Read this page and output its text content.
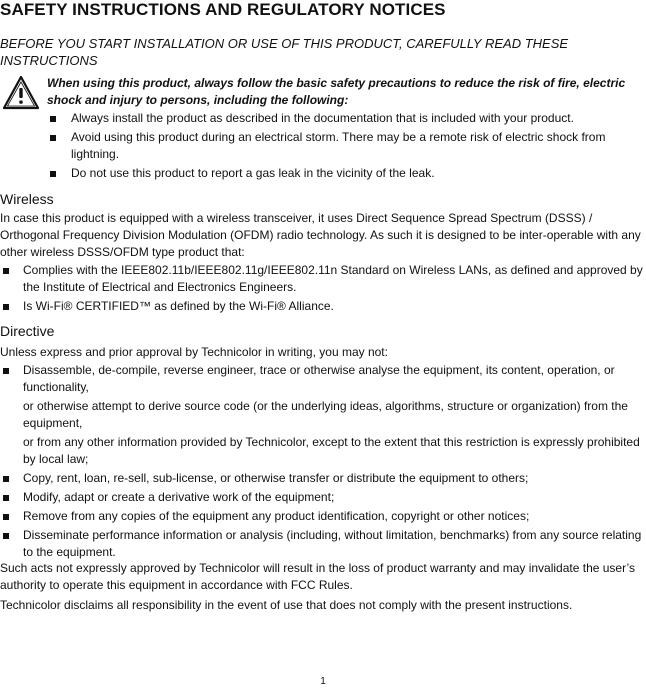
SAFETY INSTRUCTIONS AND REGULATORY NOTICES

BEFORE YOU START INSTALLATION OR USE OF THIS PRODUCT, CAREFULLY READ THESE INSTRUCTIONS

When using this product, always follow the basic safety precautions to reduce the risk of fire, electric shock and injury to persons, including the following:

Always install the product as described in the documentation that is included with your product.
Avoid using this product during an electrical storm. There may be a remote risk of electric shock from lightning.
Do not use this product to report a gas leak in the vicinity of the leak.
Wireless

In case this product is equipped with a wireless transceiver, it uses Direct Sequence Spread Spectrum (DSSS) / Orthogonal Frequency Division Modulation (OFDM) radio technology. As such it is designed to be inter-operable with any other wireless DSSS/OFDM type product that:

Complies with the IEEE802.11b/IEEE802.11g/IEEE802.11n Standard on Wireless LANs, as defined and approved by the Institute of Electrical and Electronics Engineers.
Is Wi-Fi® CERTIFIED™ as defined by the Wi-Fi® Alliance.
Directive

Unless express and prior approval by Technicolor in writing, you may not:

Disassemble, de-compile, reverse engineer, trace or otherwise analyse the equipment, its content, operation, or functionality,
or otherwise attempt to derive source code (or the underlying ideas, algorithms, structure or organization) from the equipment,
or from any other information provided by Technicolor, except to the extent that this restriction is expressly prohibited by local law;
Copy, rent, loan, re-sell, sub-license, or otherwise transfer or distribute the equipment to others;
Modify, adapt or create a derivative work of the equipment;
Remove from any copies of the equipment any product identification, copyright or other notices;
Disseminate performance information or analysis (including, without limitation, benchmarks) from any source relating to the equipment.

Such acts not expressly approved by Technicolor will result in the loss of product warranty and may invalidate the user’s authority to operate this equipment in accordance with FCC Rules.

Technicolor disclaims all responsibility in the event of use that does not comply with the present instructions.

1
